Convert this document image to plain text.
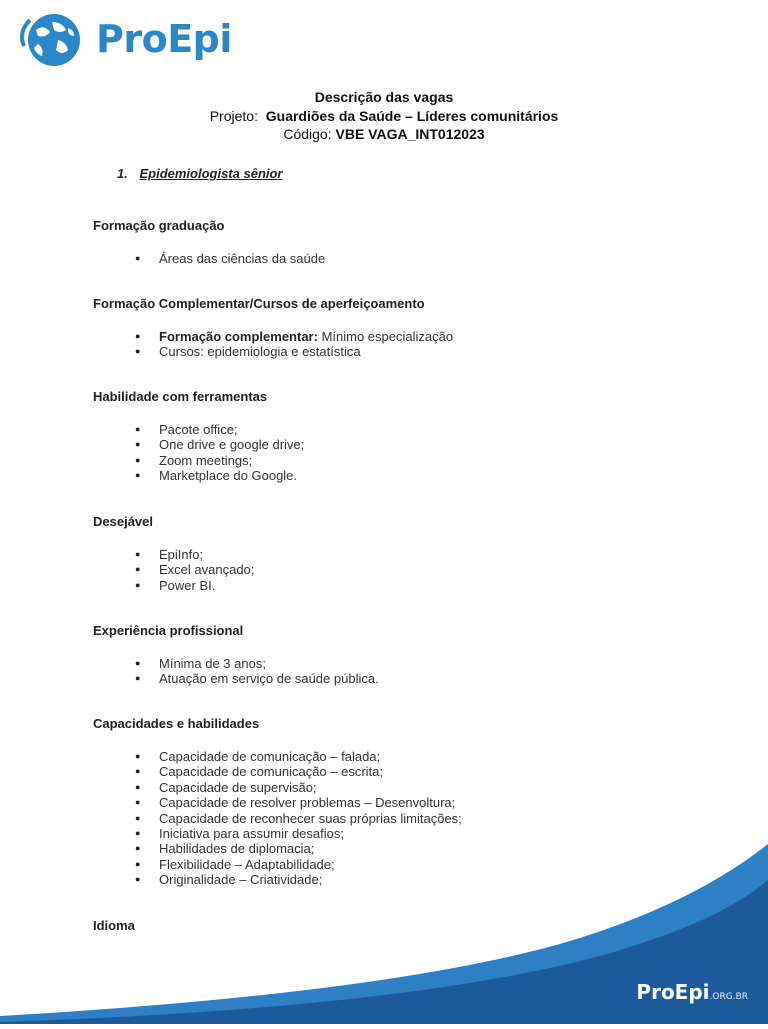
ProEpi
Descrição das vagas
Projeto: Guardiões da Saúde – Líderes comunitários
Código: VBE VAGA_INT012023
1. Epidemiologista sênior
Formação graduação
● Áreas das ciências da saúde
Formação Complementar/Cursos de aperfeiçoamento
● Formação complementar: Mínimo especialização
● Cursos: epidemiologia e estatística
Habilidade com ferramentas
● Pacote office;
● One drive e google drive;
● Zoom meetings;
● Marketplace do Google.
Desejável
● EpiInfo;
● Excel avançado;
● Power BI.
Experiência profissional
● Mínima de 3 anos;
● Atuação em serviço de saúde pública.
Capacidades e habilidades
● Capacidade de comunicação – falada;
● Capacidade de comunicação – escrita;
● Capacidade de supervisão;
● Capacidade de resolver problemas – Desenvoltura;
● Capacidade de reconhecer suas próprias limitações;
● Iniciativa para assumir desafios;
● Habilidades de diplomacia;
● Flexibilidade – Adaptabilidade;
● Originalidade – Criatividade;
Idioma
ProEpi.ORG.BR
